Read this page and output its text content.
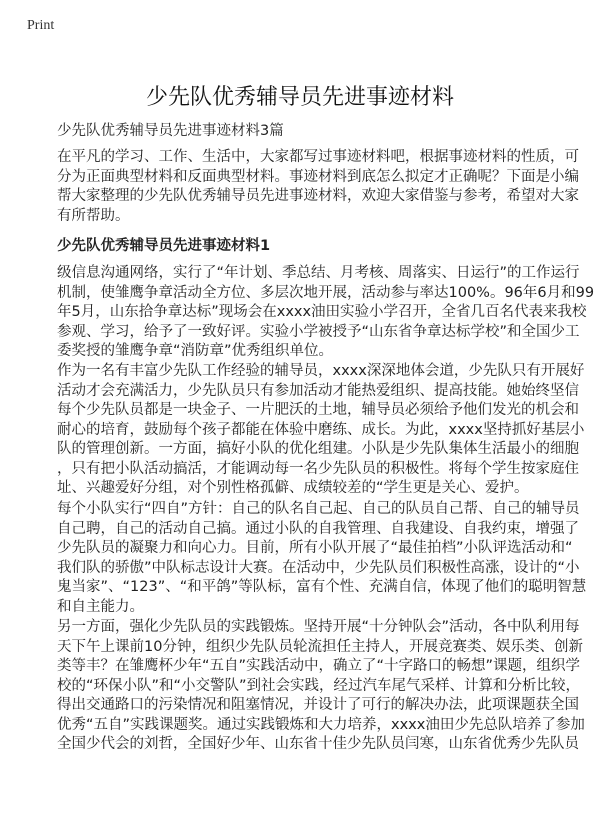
Print
少先队优秀辅导员先进事迹材料
少先队优秀辅导员先进事迹材料3篇
在平凡的学习、工作、生活中，大家都写过事迹材料吧，根据事迹材料的性质，可
分为正面典型材料和反面典型材料。事迹材料到底怎么拟定才正确呢？下面是小编
帮大家整理的少先队优秀辅导员先进事迹材料，欢迎大家借鉴与参考，希望对大家
有所帮助。
少先队优秀辅导员先进事迹材料1
级信息沟通网络，实行了“年计划、季总结、月考核、周落实、日运行”的工作运行
机制，使雏鹰争章活动全方位、多层次地开展，活动参与率达100%。96年6月和99
年5月，山东拾争章达标”现场会在xxxx油田实验小学召开，全省几百名代表来我校
参观、学习，给予了一致好评。实验小学被授予“山东省争章达标学校”和全国少工
委奖授的雏鹰争章“消防章”优秀组织单位。
作为一名有丰富少先队工作经验的辅导员，xxxx深深地体会道，少先队只有开展好
活动才会充满活力，少先队员只有参加活动才能热爱组织、提高技能。她始终坚信
每个少先队员都是一块金子、一片肥沃的土地，辅导员必须给予他们发光的机会和
耐心的培育，鼓励每个孩子都能在体验中磨练、成长。为此，xxxx坚持抓好基层小
队的管理创新。一方面，搞好小队的优化组建。小队是少先队集体生活最小的细胞
，只有把小队活动搞活，才能调动每一名少先队员的积极性。将每个学生按家庭住
址、兴趣爱好分组，对个别性格孤僻、成绩较差的“学生更是关心、爱护。
每个小队实行“四自”方针：自己的队名自己起、自己的队员自己帮、自己的辅导员
自己聘，自己的活动自己搞。通过小队的自我管理、自我建设、自我约束，增强了
少先队员的凝聚力和向心力。目前，所有小队开展了“最佳拍档”小队评选活动和“
我们队的骄傲”中队标志设计大赛。在活动中，少先队员们积极性高涨，设计的“小
鬼当家”、“123”、“和平鸽”等队标，富有个性、充满自信，体现了他们的聪明智慧
和自主能力。
另一方面，强化少先队员的实践锻炼。坚持开展“十分钟队会”活动，各中队利用每
天下午上课前10分钟，组织少先队员轮流担任主持人，开展竞赛类、娱乐类、创新
类等丰？在雏鹰杯少年“五自”实践活动中，确立了“十字路口的畅想”课题，组织学
校的“环保小队”和“小交警队”到社会实践，经过汽车尾气采样、计算和分析比较，
得出交通路口的污染情况和阻塞情况，并设计了可行的解决办法，此项课题获全国
优秀“五自”实践课题奖。通过实践锻炼和大力培养，xxxx油田少先总队培养了参加
全国少代会的刘哲，全国好少年、山东省十佳少先队员闫寒，山东省优秀少先队员
